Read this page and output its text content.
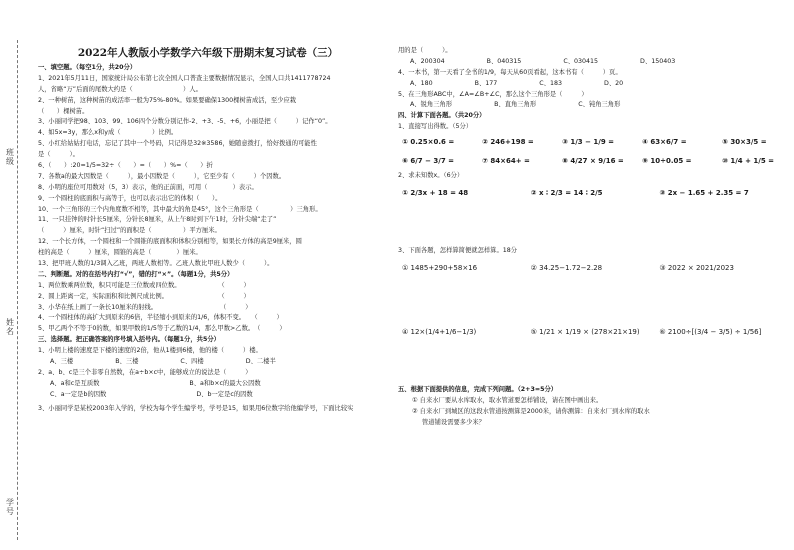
班级
姓名
学号
2022年人教版小学数学六年级下册期末复习试卷（三）
一、填空题。（每空1分，共20分）
1、2021年5月11日，国家统计局公布第七次全国人口普查主要数据情况显示，全国人口共1411778724
人，省略“万”后面的尾数大约是（　　　　　　　　）人。
2、一种树苗，这种树苗的成活率一般为75%-80%。如果要确保1300棵树苗成活，至少应栽
（　　）棵树苗。
3、小丽同学把98、103、99、106四个分数分别记作-2、+3、-5、+6，小丽是把（　　　）记作“0”。
4、如5x=3y，那么x和y成（　　　　　）比例。
5、小红给姑姑打电话，忘记了其中一个号码，只记得是32※3586，她随意拨打，恰好拨通的可能性
是（　　　）。
6、（　　）:20=1/5=32÷（　　）=（　　）%=（　　）折
7、各数a的最大因数是（　　　），最小因数是（　　　），它至少有（　　　）个因数。
8、小明的座位可用数对（5，3）表示，他的正前面，可用（　　　　）表示。
9、一个圆柱的底面积与高等于，也可以表示出它的体积（　　）。
10、一个三角形的三个内角度数不相等，其中最大的角是45°，这个三角形是（　　　　　）三角形。
11、一只挂钟的时针长5厘米，分针长8厘米，从上午8时到下午1时，分针尖端“走了”
（　　　）厘米，时针“扫过”的面积是（　　　　　）平方厘米。
12、一个长方体，一个圆柱和一个圆锥的底面积和体积分别相等，如果长方体的高是9厘米，圆
柱的高是（　　　）厘米，圆锥的高是（　　　　）厘米。
13、把甲班人数的1/3调入乙班，两班人数相等。乙班人数比甲班人数少（　　　）。
二、判断题。对的在括号内打“√”，错的打“×”。（每题1分，共5分）
1、两位数乘两位数，积只可能是三位数或四位数。　　　　　　　（　　　）
2、圆上距离一定，实际面积和比例尺成比例。　　　　　　　　　（　　　）
3、小华在纸上画了一条长10厘米的射线。　　　　　　　　　　　（　　　）
4、一个圆柱体的高扩大到原来的6倍，半径缩小到原来的1/6，体积不变。　　（　　　）
5、甲乙两个不等于0的数，如果甲数的1/5等于乙数的1/4，那么甲数>乙数。　（　　　）
三、选择题。把正确答案的序号填入括号内。（每题1分，共5分）
1、小明上楼的速度是下楼的速度的2倍，他从1楼到6楼，他的楼（　　　）楼。
A、三楼	B、三楼	C、四楼	D、二楼半
2、a、b、c是三个非零自然数，在a÷b×c中，能够成立的说法是（　　　）
A、a和c是互质数	B、a和b×c的最大公因数
C、a一定是b的因数	D、b一定是c的因数
3、小丽同学是某校2003年入学的，学校为每个学生编学号，学号是15，如果用6位数字给他编学号，下面比较实
用的是（　　　）。
A、200304	B、040315	C、030415	D、150403
4、一本书，第一天看了全书的1/9，每天从60页看起，这本书有（　　　）页。
A、180	B、177	C、183	D、20
5、在三角形ABC中，∠A=∠B+∠C，那么这个三角形是（　　　）
A、锐角三角形	B、直角三角形	C、钝角三角形
四、计算下面各题。（共20分）
1、直接写出得数。（5分）
① 0.25×0.6 =	② 246+198 =	③ 1/3 − 1/9 =	④ 63×6/7 =	⑤ 30×3/5 =
⑥ 6/7 − 3/7 =	⑦ 84×64+ =	⑧ 4/27 × 9/16 =	⑨ 10÷0.05 =	⑩ 1/4 + 1/5 =
2、求未知数x。（6分）
① 2/3x + 18 = 48	② x ∶ 2/3 = 14 ∶ 2/5	③ 2x − 1.65 + 2.35 = 7
3、下面各题，怎样算简便就怎样算。18分
① 1485+290+58×16	② 34.25−1.72−2.28	③ 2022 × 2021/2023
④ 12×(1/4+1/6−1/3)	⑤ 1/21 × 1/19 × (278×21×19)	⑥ 2100÷[(3/4 − 3/5) ÷ 1/56]
五、根据下面提供的信息，完成下列问题。（2+3=5分）
① 自来水厂要从水库取水，取水管道要怎样铺设，请在图中画出来。
② 自来水厂到城区的这段水管道按测算是2000米，请你测算：自来水厂到水库的取水
管道铺设需要多少米？
